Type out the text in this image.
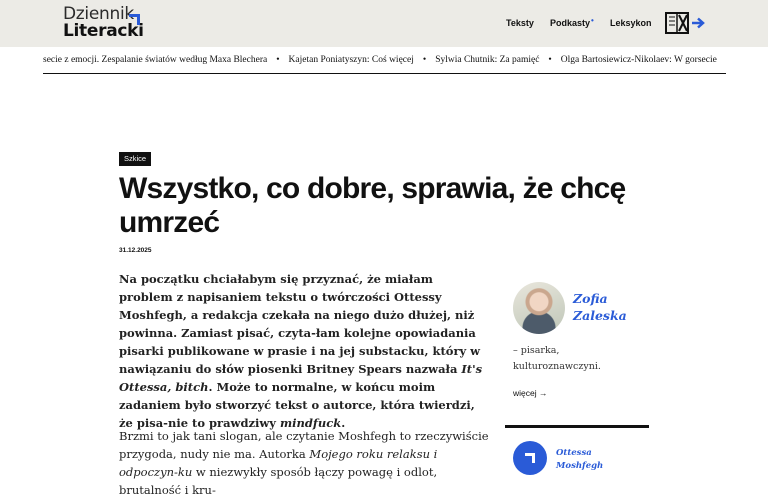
Dziennik
Literacki	Teksty Podkasty• Leksykon
secie z emocji. Zespalanie światów według Maxa Blechera • Kajetan Poniatyszyn: Coś więcej • Sylwia Chutnik: Za pamięć • Olga Bartosiewicz-Nikolaev: W gorsecie
Szkice
Wszystko, co dobre, sprawia, że chcę umrzeć
31.12.2025

Na początku chciałabym się przyznać, że miałam problem z napisaniem tekstu o twórczości Ottessy Moshfegh, a redakcja czekała na niego dużo dłużej, niż powinna. Zamiast pisać, czyta-łam kolejne opowiadania pisarki publikowane w prasie i na jej substacku, który w nawiązaniu do słów piosenki Britney Spears nazwała It's Ottessa, bitch. Może to normalne, w końcu moim zadaniem było stworzyć tekst o autorce, która twierdzi, że pisa-nie to prawdziwy mindfuck.

Brzmi to jak tani slogan, ale czytanie Moshfegh to rzeczywiście przygoda, nudy nie ma. Autorka Mojego roku relaksu i odpoczyn-ku w niezwykły sposób łączy powagę i odlot, brutalność i kru-

Zofia Zaleska
– pisarka, kulturoznawczyni.
więcej →
Ottessa Moshfegh
